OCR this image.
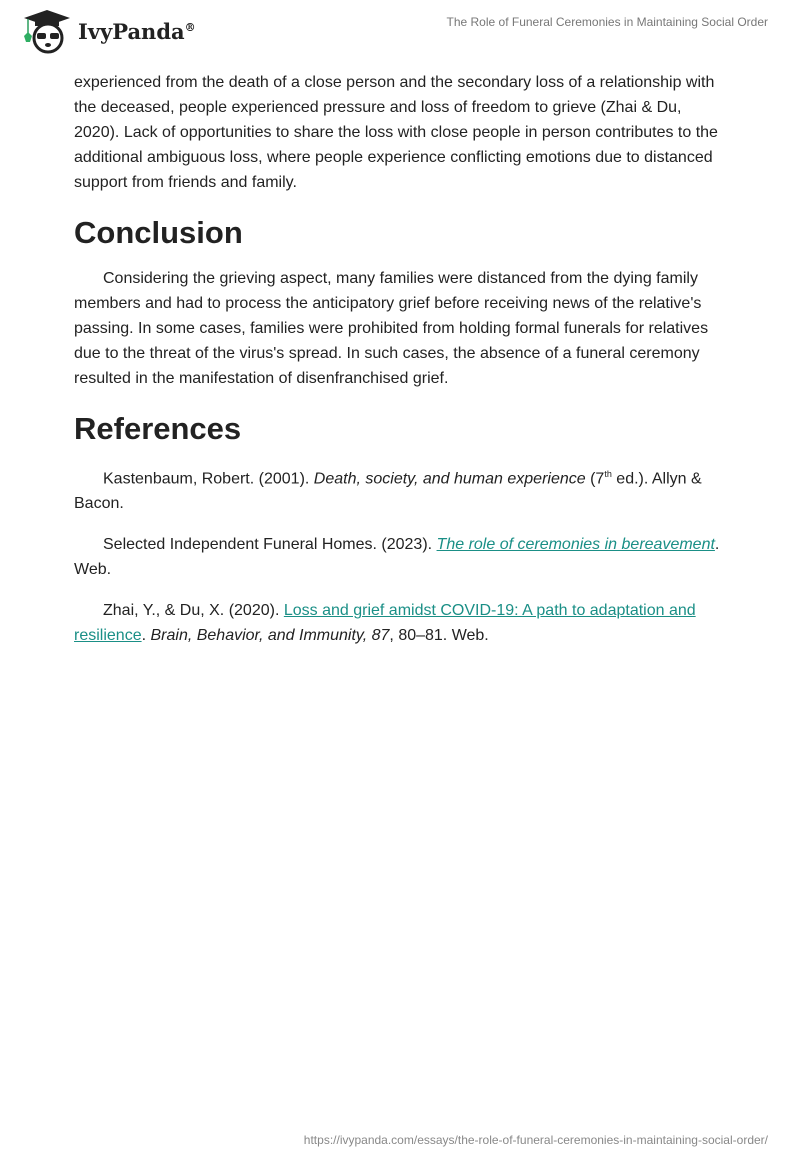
IvyPanda®	The Role of Funeral Ceremonies in Maintaining Social Order

experienced from the death of a close person and the secondary loss of a relationship with the deceased, people experienced pressure and loss of freedom to grieve (Zhai & Du, 2020). Lack of opportunities to share the loss with close people in person contributes to the additional ambiguous loss, where people experience conflicting emotions due to distanced support from friends and family.

Conclusion

Considering the grieving aspect, many families were distanced from the dying family members and had to process the anticipatory grief before receiving news of the relative's passing. In some cases, families were prohibited from holding formal funerals for relatives due to the threat of the virus's spread. In such cases, the absence of a funeral ceremony resulted in the manifestation of disenfranchised grief.

References

Kastenbaum, Robert. (2001). Death, society, and human experience (7th ed.). Allyn & Bacon.

Selected Independent Funeral Homes. (2023). The role of ceremonies in bereavement. Web.

Zhai, Y., & Du, X. (2020). Loss and grief amidst COVID-19: A path to adaptation and resilience. Brain, Behavior, and Immunity, 87, 80–81. Web.

https://ivypanda.com/essays/the-role-of-funeral-ceremonies-in-maintaining-social-order/
